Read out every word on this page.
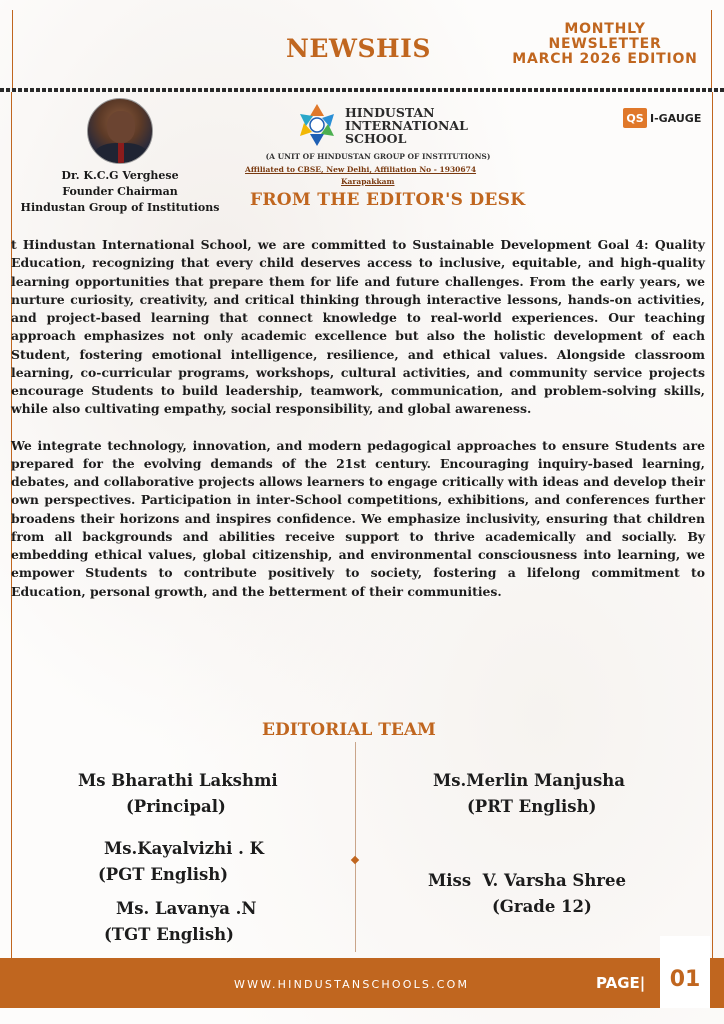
NEWSHIS
MONTHLY
NEWSLETTER
MARCH 2026 EDITION
Dr. K.C.G Verghese
Founder Chairman
Hindustan Group of Institutions
HINDUSTAN
INTERNATIONAL
SCHOOL
(A UNIT OF HINDUSTAN GROUP OF INSTITUTIONS)
Affiliated to CBSE, New Delhi, Affiliation No - 1930674
Karapakkam
QS I-GAUGE
FROM THE EDITOR'S DESK

t Hindustan International School, we are committed to Sustainable Development Goal 4: Quality Education, recognizing that every child deserves access to inclusive, equitable, and high-quality learning opportunities that prepare them for life and future challenges. From the early years, we nurture curiosity, creativity, and critical thinking through interactive lessons, hands-on activities, and project-based learning that connect knowledge to real-world experiences. Our teaching approach emphasizes not only academic excellence but also the holistic development of each Student, fostering emotional intelligence, resilience, and ethical values. Alongside classroom learning, co-curricular programs, workshops, cultural activities, and community service projects encourage Students to build leadership, teamwork, communication, and problem-solving skills, while also cultivating empathy, social responsibility, and global awareness.

We integrate technology, innovation, and modern pedagogical approaches to ensure Students are prepared for the evolving demands of the 21st century. Encouraging inquiry-based learning, debates, and collaborative projects allows learners to engage critically with ideas and develop their own perspectives. Participation in inter-School competitions, exhibitions, and conferences further broadens their horizons and inspires confidence. We emphasize inclusivity, ensuring that children from all backgrounds and abilities receive support to thrive academically and socially. By embedding ethical values, global citizenship, and environmental consciousness into learning, we empower Students to contribute positively to society, fostering a lifelong commitment to Education, personal growth, and the betterment of their communities.

EDITORIAL TEAM
Ms Bharathi Lakshmi
(Principal)
Ms.Kayalvizhi . K
(PGT English)
Ms. Lavanya .N
(TGT English)
Ms.Merlin Manjusha
(PRT English)
Miss  V. Varsha Shree
(Grade 12)
WWW.HINDUSTANSCHOOLS.COM	PAGE|	01
